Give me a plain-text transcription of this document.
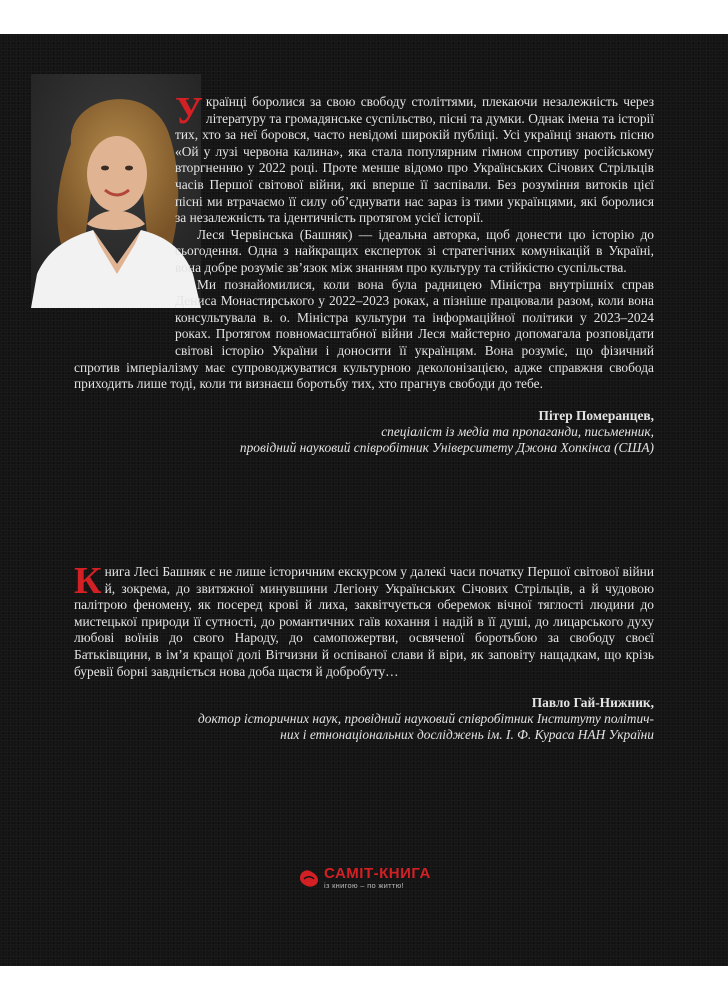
Українці боролися за свою свободу століттями, плекаючи незалежність через літературу та громадянське суспільство, пісні та думки. Однак імена та історії тих, хто за неї боровся, часто невідомі широкій публіці. Усі українці знають пісню «Ой у лузі червона калина», яка стала популярним гімном спротиву російському вторгненню у 2022 році. Проте менше відомо про Українських Січових Стрільців часів Першої світової війни, які вперше її заспівали. Без розуміння витоків цієї пісні ми втрачаємо її силу об’єднувати нас зараз із тими українцями, які боролися за незалежність та ідентичність протягом усієї історії.

Леся Червінська (Башняк) — ідеальна авторка, щоб донести цю історію до сьогодення. Одна з найкращих експерток зі стратегічних комунікацій в Україні, вона добре розуміє зв’язок між знанням про культуру та стійкістю суспільства.

Ми познайомилися, коли вона була радницею Міністра внутрішніх справ Дениса Монастирського у 2022–2023 роках, а пізніше працювали разом, коли вона консультувала в. о. Міністра культури та інформаційної політики у 2023–2024 роках. Протягом повномасштабної війни Леся майстерно допомагала розповідати світові історію України і доносити її українцям. Вона розуміє, що фізичний спротив імперіалізму має супроводжуватися культурною деколонізацією, адже справжня свобода приходить лише тоді, коли ти визнаєш боротьбу тих, хто прагнув свободи до тебе.

Пітер Померанцев,
спеціаліст із медіа та пропаганди, письменник,
провідний науковий співробітник Університету Джона Хопкінса (США)

Книга Лесі Башняк є не лише історичним екскурсом у далекі часи початку Першої світової війни й, зокрема, до звитяжної минувшини Легіону Українських Січових Стрільців, а й чудовою палітрою феномену, як посеред крові й лиха, заквітчується оберемок вічної тяглості людини до мистецької природи її сутності, до романтичних гаїв кохання і надій в її душі, до лицарського духу любові воїнів до свого Народу, до самопожертви, освяченої боротьбою за свободу своєї Батьківщини, в ім’я кращої долі Вітчизни й оспіваної слави й віри, як заповіту нащадкам, що крізь буревії борні завдніється нова доба щастя й добробуту…

Павло Гай-Нижник,
доктор історичних наук, провідний науковий співробітник Інституту політич-
них і етнонаціональних досліджень ім. І. Ф. Кураса НАН України
САМІТ-КНИГА
із книгою – по життю!
